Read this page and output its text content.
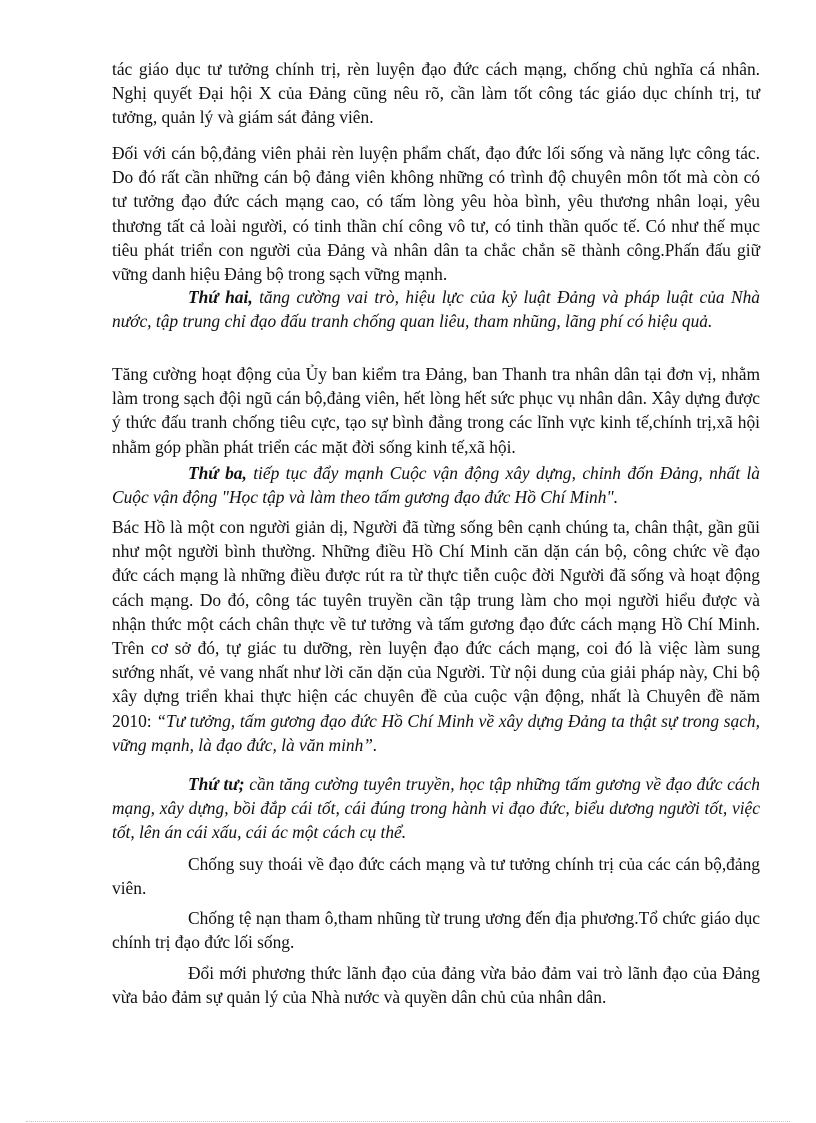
tác giáo dục tư tưởng chính trị, rèn luyện đạo đức cách mạng, chống chủ nghĩa cá nhân. Nghị quyết Đại hội X của Đảng cũng nêu rõ, cần làm tốt công tác giáo dục chính trị, tư tưởng, quản lý và giám sát đảng viên.

Đối với cán bộ,đảng viên phải rèn luyện phẩm chất, đạo đức lối sống và năng lực công tác. Do đó rất cần những cán bộ đảng viên không những có trình độ chuyên môn tốt mà còn có tư tưởng đạo đức cách mạng cao, có tấm lòng yêu hòa bình, yêu thương nhân loại, yêu thương tất cả loài người, có tinh thần chí công vô tư, có tinh thần quốc tế. Có như thế mục tiêu phát triển con người của Đảng và nhân dân ta chắc chắn sẽ thành công.Phấn đấu giữ vững danh hiệu Đảng bộ trong sạch vững mạnh.

Thứ hai, tăng cường vai trò, hiệu lực của kỷ luật Đảng và pháp luật của Nhà nước, tập trung chỉ đạo đấu tranh chống quan liêu, tham nhũng, lãng phí có hiệu quả.

Tăng cường hoạt động của Ủy ban kiểm tra Đảng, ban Thanh tra nhân dân tại đơn vị, nhằm làm trong sạch đội ngũ cán bộ,đảng viên, hết lòng hết sức phục vụ nhân dân. Xây dựng được ý thức đấu tranh chống tiêu cực, tạo sự bình đẳng trong các lĩnh vực kinh tế,chính trị,xã hội nhằm góp phần phát triển các mặt đời sống kinh tế,xã hội.

Thứ ba, tiếp tục đẩy mạnh Cuộc vận động xây dựng, chỉnh đốn Đảng, nhất là Cuộc vận động "Học tập và làm theo tấm gương đạo đức Hồ Chí Minh".

Bác Hồ là một con người giản dị, Người đã từng sống bên cạnh chúng ta, chân thật, gần gũi như một người bình thường. Những điều Hồ Chí Minh căn dặn cán bộ, công chức về đạo đức cách mạng là những điều được rút ra từ thực tiễn cuộc đời Người đã sống và hoạt động cách mạng. Do đó, công tác tuyên truyền cần tập trung làm cho mọi người hiểu được và nhận thức một cách chân thực về tư tưởng và tấm gương đạo đức cách mạng Hồ Chí Minh. Trên cơ sở đó, tự giác tu dưỡng, rèn luyện đạo đức cách mạng, coi đó là việc làm sung sướng nhất, vẻ vang nhất như lời căn dặn của Người. Từ nội dung của giải pháp này, Chi bộ xây dựng triển khai thực hiện các chuyên đề của cuộc vận động, nhất là Chuyên đề năm 2010: “Tư tưởng, tấm gương đạo đức Hồ Chí Minh về xây dựng Đảng ta thật sự trong sạch, vững mạnh, là đạo đức, là văn minh”.

Thứ tư; cần tăng cường tuyên truyền, học tập những tấm gương về đạo đức cách mạng, xây dựng, bồi đắp cái tốt, cái đúng trong hành vi đạo đức, biểu dương người tốt, việc tốt, lên án cái xấu, cái ác một cách cụ thể.

Chống suy thoái về đạo đức cách mạng và tư tưởng chính trị của các cán bộ,đảng viên.

Chống tệ nạn tham ô,tham nhũng từ trung ương đến địa phương.Tổ chức giáo dục chính trị đạo đức lối sống.

Đổi mới phương thức lãnh đạo của đảng vừa bảo đảm vai trò lãnh đạo của Đảng vừa bảo đảm sự quản lý của Nhà nước và quyền dân chủ của nhân dân.
